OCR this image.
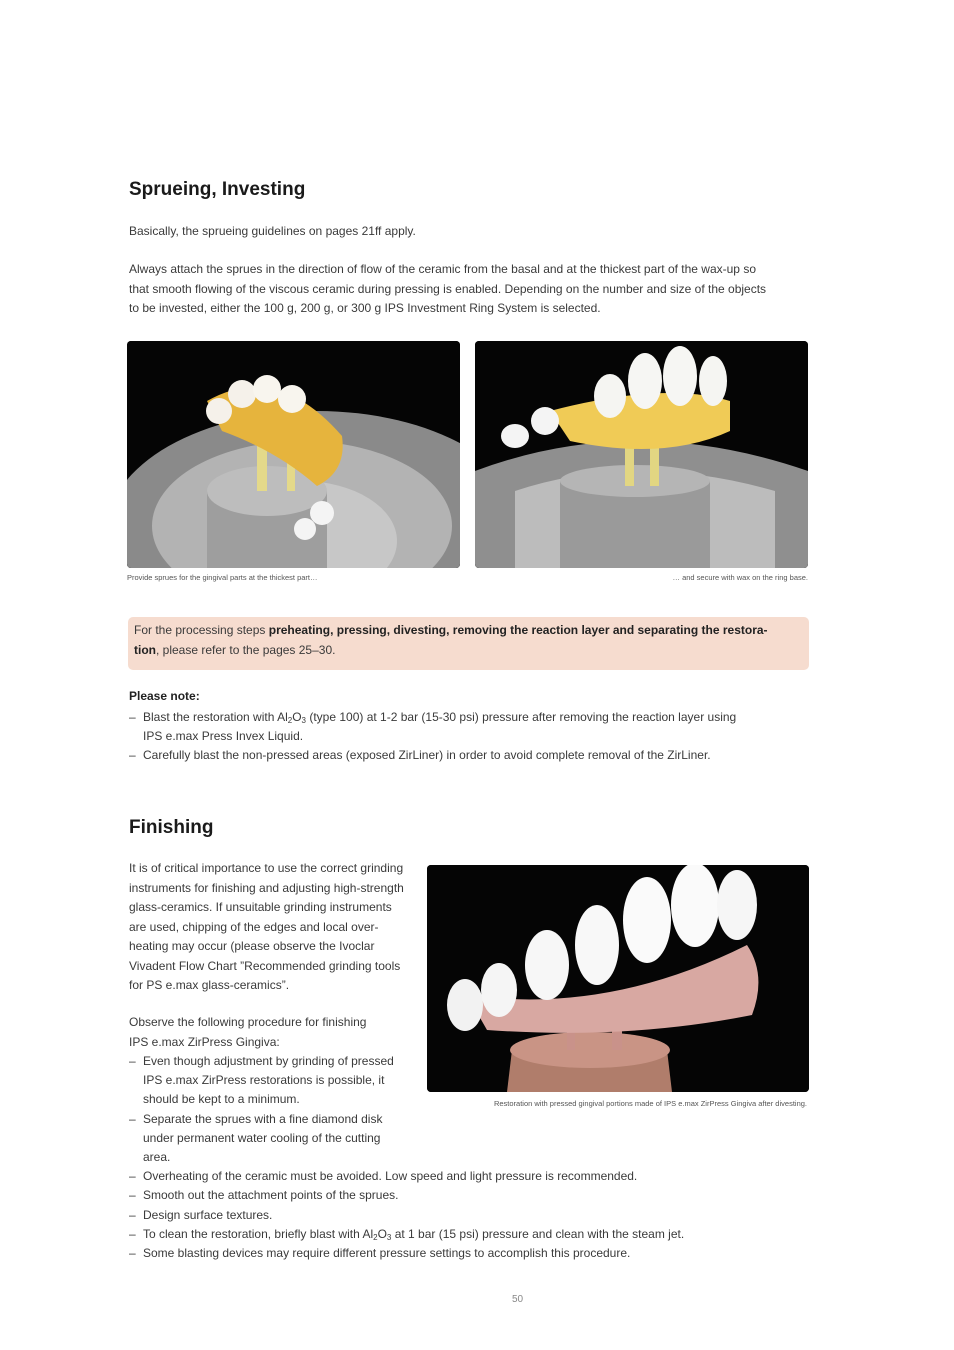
Sprueing, Investing
Basically, the sprueing guidelines on pages 21ff apply.
Always attach the sprues in the direction of flow of the ceramic from the basal and at the thickest part of the wax-up so
that smooth flowing of the viscous ceramic during pressing is enabled. Depending on the number and size of the objects
to be invested, either the 100 g, 200 g, or 300 g IPS Investment Ring System is selected.
Provide sprues for the gingival parts at the thickest part…	… and secure with wax on the ring base.
For the processing steps preheating, pressing, divesting, removing the reaction layer and separating the restora-
tion, please refer to the pages 25–30.
Please note:
– Blast the restoration with $Al_2O_3$ (type 100) at 1-2 bar (15-30 psi) pressure after removing the reaction layer using
IPS e.max Press Invex Liquid.
– Carefully blast the non-pressed areas (exposed ZirLiner) in order to avoid complete removal of the ZirLiner.
Finishing
It is of critical importance to use the correct grinding
instruments for finishing and adjusting high-strength
glass-ceramics. If unsuitable grinding instruments
are used, chipping of the edges and local over-
heating may occur (please observe the Ivoclar
Vivadent Flow Chart ”Recommended grinding tools
for PS e.max glass-ceramics”.
Observe the following procedure for finishing
IPS e.max ZirPress Gingiva:
Restoration with pressed gingival portions made of IPS e.max ZirPress Gingiva after divesting.
– Even though adjustment by grinding of pressed
IPS e.max ZirPress restorations is possible, it
should be kept to a minimum.
– Separate the sprues with a fine diamond disk
under permanent water cooling of the cutting
area.
– Overheating of the ceramic must be avoided. Low speed and light pressure is recommended.
– Smooth out the attachment points of the sprues.
– Design surface textures.
– To clean the restoration, briefly blast with $Al_2O_3$ at 1 bar (15 psi) pressure and clean with the steam jet.
– Some blasting devices may require different pressure settings to accomplish this procedure.
50
